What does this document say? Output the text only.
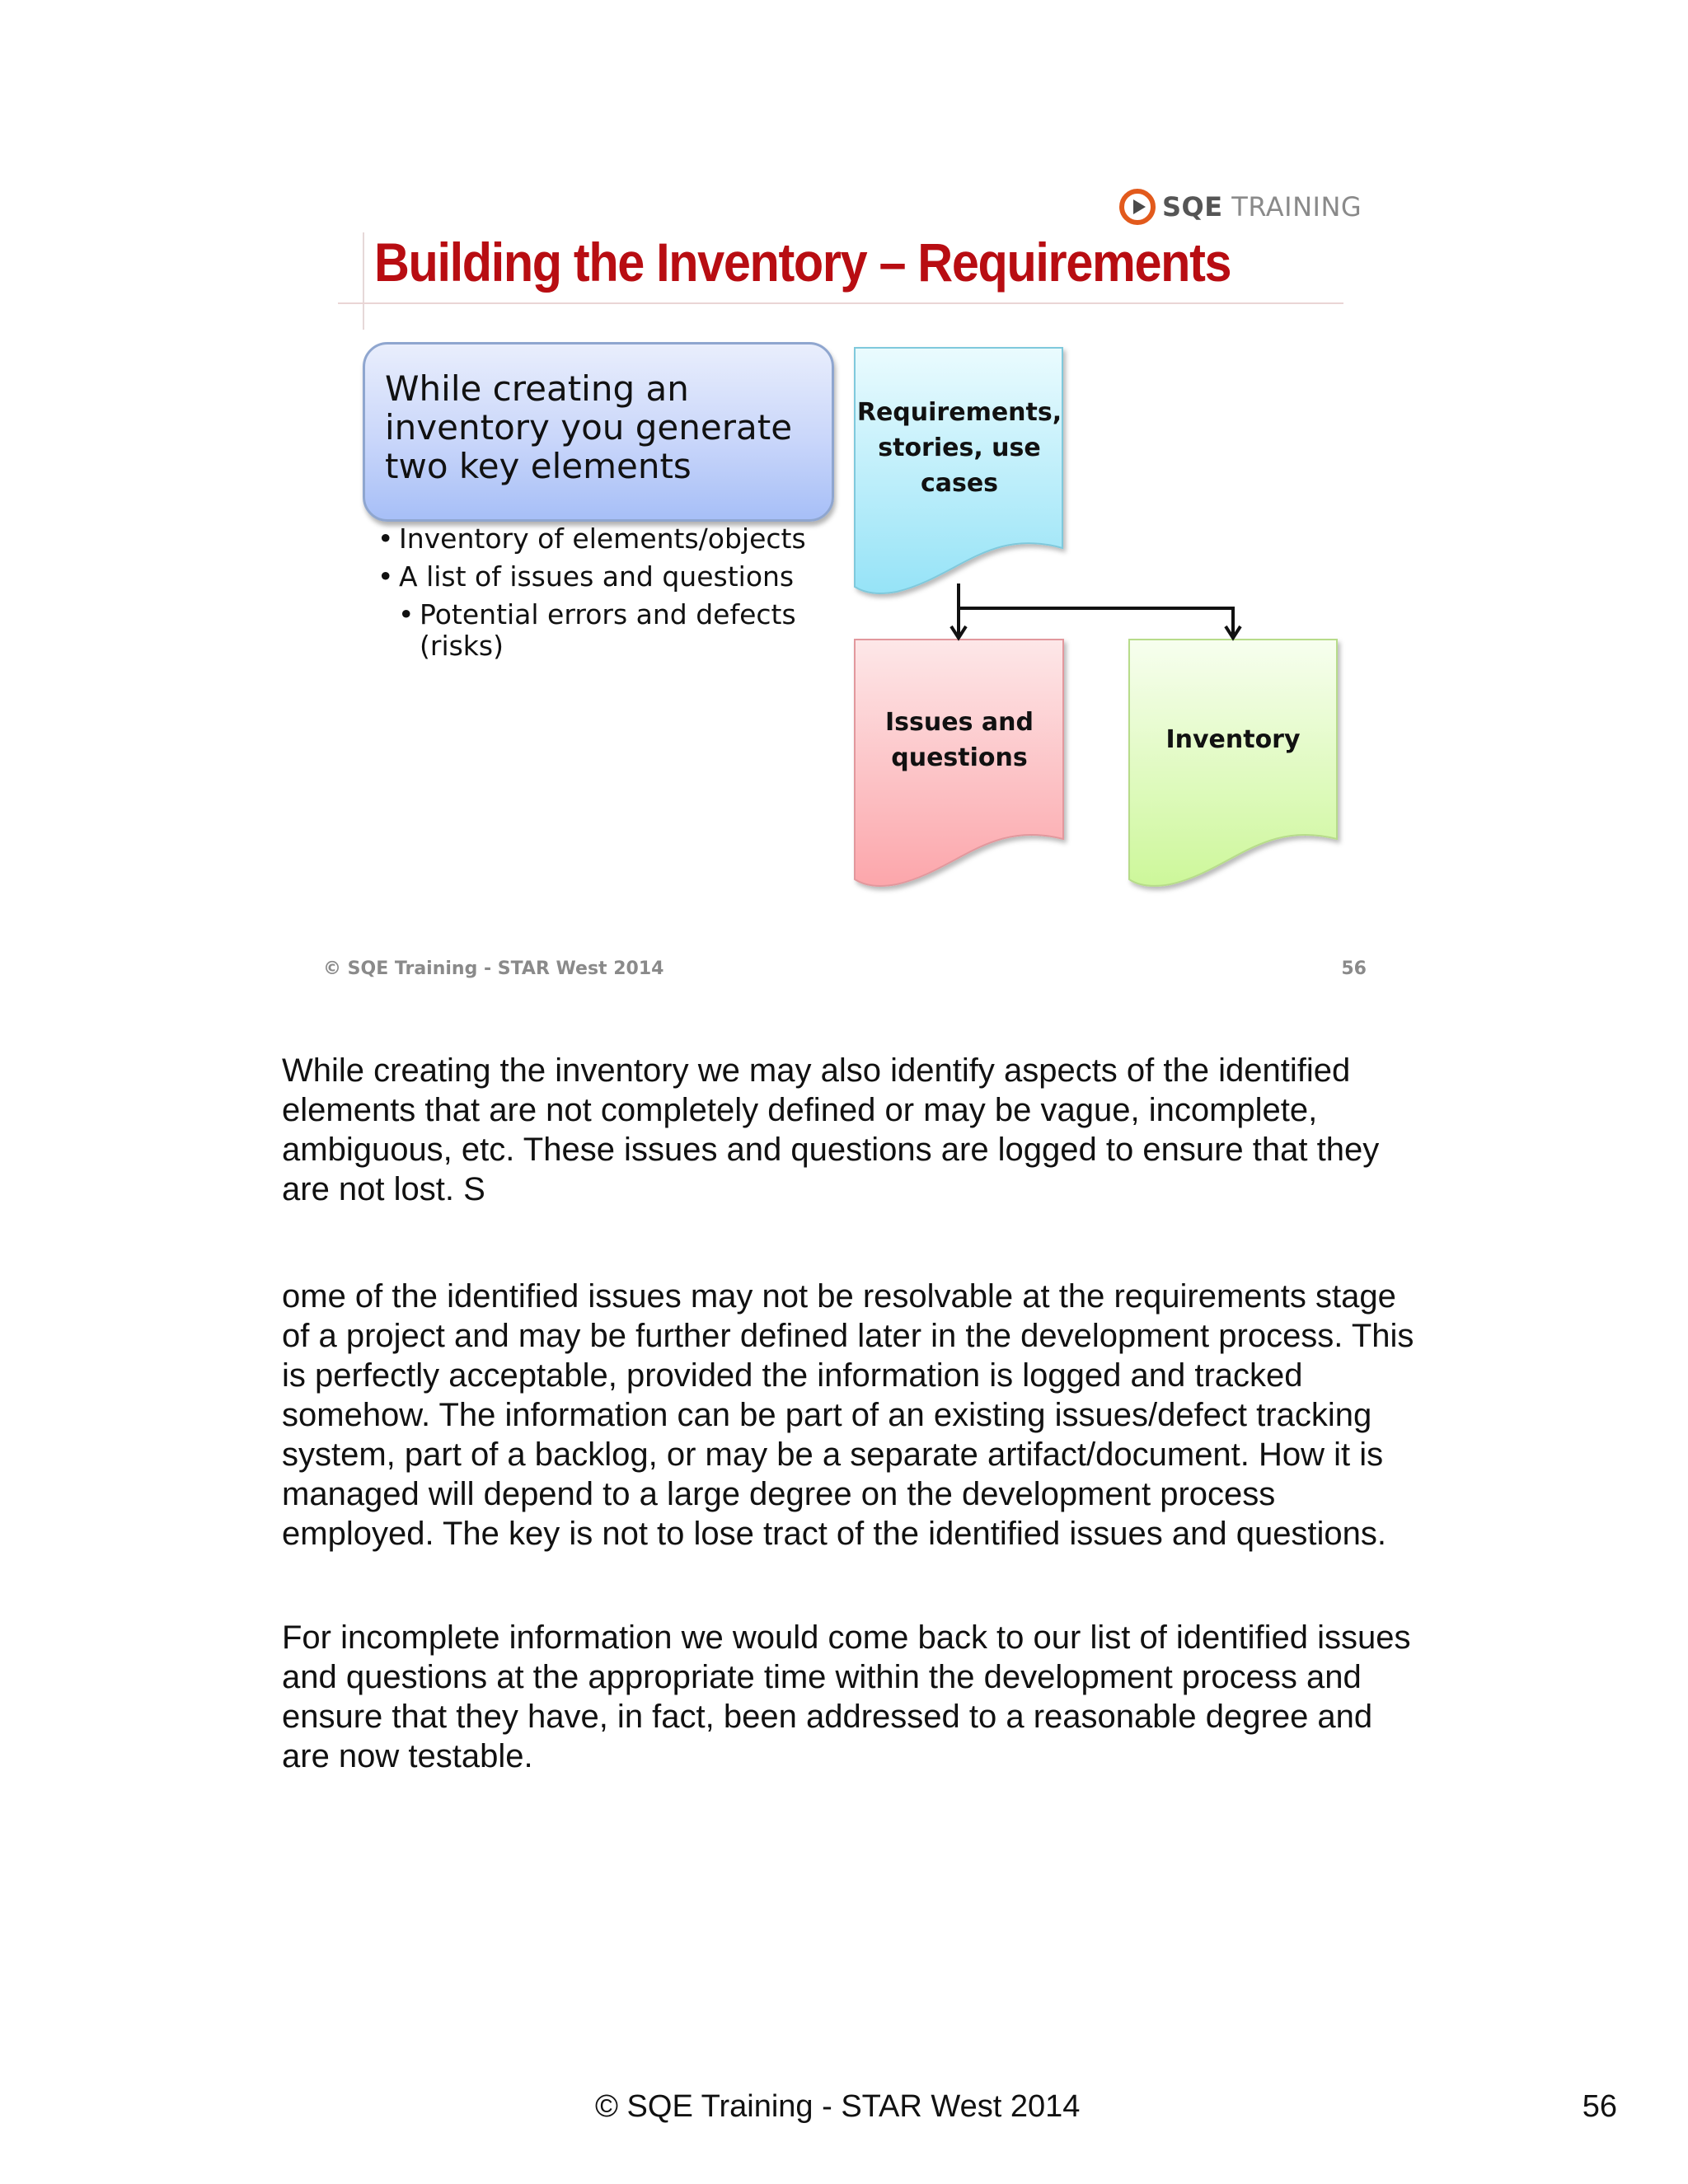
SQE TRAINING
Building the Inventory – Requirements
While creating an inventory you generate two key elements
• Inventory of elements/objects
• A list of issues and questions
• Potential errors and defects (risks)
Requirements,
stories, use
cases
Issues and
questions
Inventory
© SQE Training - STAR West 2014	56

While creating the inventory we may also identify aspects of the identified elements that are not completely defined or may be vague, incomplete, ambiguous, etc. These issues and questions are logged to ensure that they are not lost. S

ome of the identified issues may not be resolvable at the requirements stage of a project and may be further defined later in the development process. This is perfectly acceptable, provided the information is logged and tracked somehow. The information can be part of an existing issues/defect tracking system, part of a backlog, or may be a separate artifact/document. How it is managed will depend to a large degree on the development process employed. The key is not to lose tract of the identified issues and questions.

For incomplete information we would come back to our list of identified issues and questions at the appropriate time within the development process and ensure that they have, in fact, been addressed to a reasonable degree and are now testable.

© SQE Training - STAR West 2014	56
